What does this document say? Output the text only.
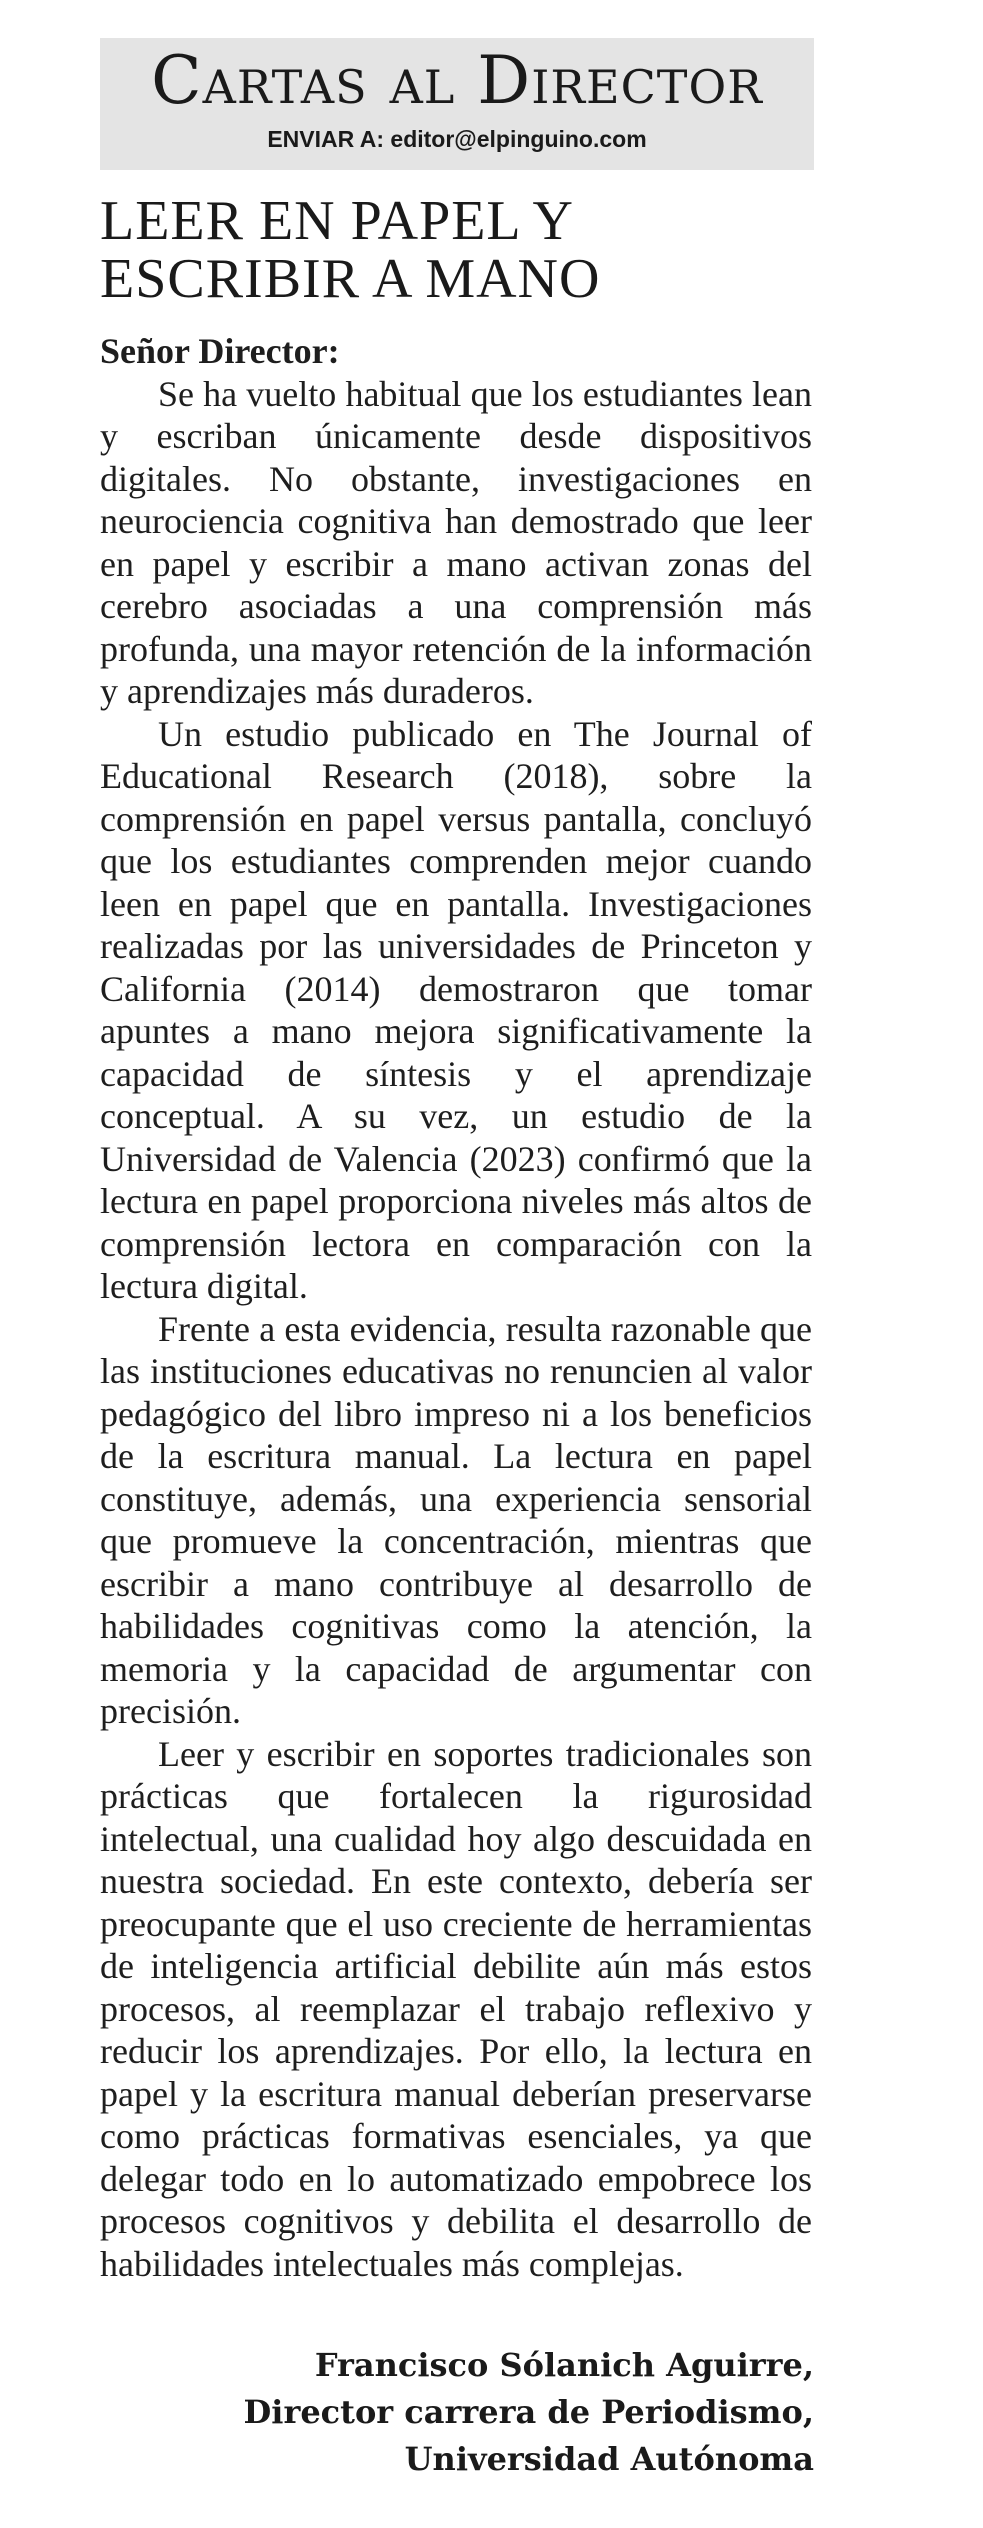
Cartas al Director
ENVIAR A: editor@elpinguino.com
LEER EN PAPEL Y ESCRIBIR A MANO

Señor Director:

Se ha vuelto habitual que los estudiantes lean y escriban únicamente desde dispositivos digitales. No obstante, investigaciones en neurociencia cognitiva han demostrado que leer en papel y escribir a mano activan zonas del cerebro asociadas a una comprensión más profunda, una mayor retención de la información y aprendizajes más duraderos.

Un estudio publicado en The Journal of Educational Research (2018), sobre la comprensión en papel versus pantalla, concluyó que los estudiantes comprenden mejor cuando leen en papel que en pantalla. Investigaciones realizadas por las universidades de Princeton y California (2014) demostraron que tomar apuntes a mano mejora significativamente la capacidad de síntesis y el aprendizaje conceptual. A su vez, un estudio de la Universidad de Valencia (2023) confirmó que la lectura en papel proporciona niveles más altos de comprensión lectora en comparación con la lectura digital.

Frente a esta evidencia, resulta razonable que las instituciones educativas no renuncien al valor pedagógico del libro impreso ni a los beneficios de la escritura manual. La lectura en papel constituye, además, una experiencia sensorial que promueve la concentración, mientras que escribir a mano contribuye al desarrollo de habilidades cognitivas como la atención, la memoria y la capacidad de argumentar con precisión.

Leer y escribir en soportes tradicionales son prácticas que fortalecen la rigurosidad intelectual, una cualidad hoy algo descuidada en nuestra sociedad. En este contexto, debería ser preocupante que el uso creciente de herramientas de inteligencia artificial debilite aún más estos procesos, al reemplazar el trabajo reflexivo y reducir los aprendizajes. Por ello, la lectura en papel y la escritura manual deberían preservarse como prácticas formativas esenciales, ya que delegar todo en lo automatizado empobrece los procesos cognitivos y debilita el desarrollo de habilidades intelectuales más complejas.

Francisco Sólanich Aguirre,
Director carrera de Periodismo,
Universidad Autónoma
